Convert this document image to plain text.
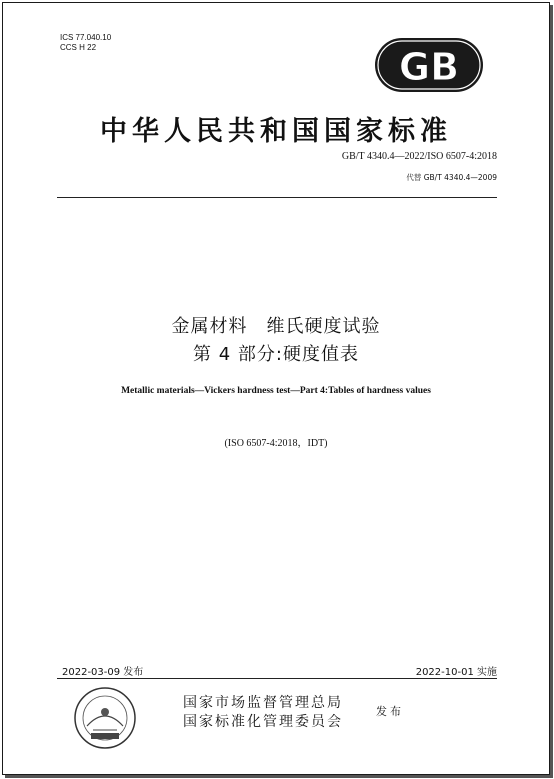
ICS 77.040.10
CCS H 22	GB
中华人民共和国国家标准
GB/T 4340.4—2022/ISO 6507-4:2018
代替 GB/T 4340.4—2009
金属材料　维氏硬度试验
第 4 部分:硬度值表
Metallic materials—Vickers hardness test—Part 4:Tables of hardness values
(ISO 6507-4:2018，IDT)
2022-03-09 发布	2022-10-01 实施
国家市场监督管理总局
国家标准化管理委员会
发布
